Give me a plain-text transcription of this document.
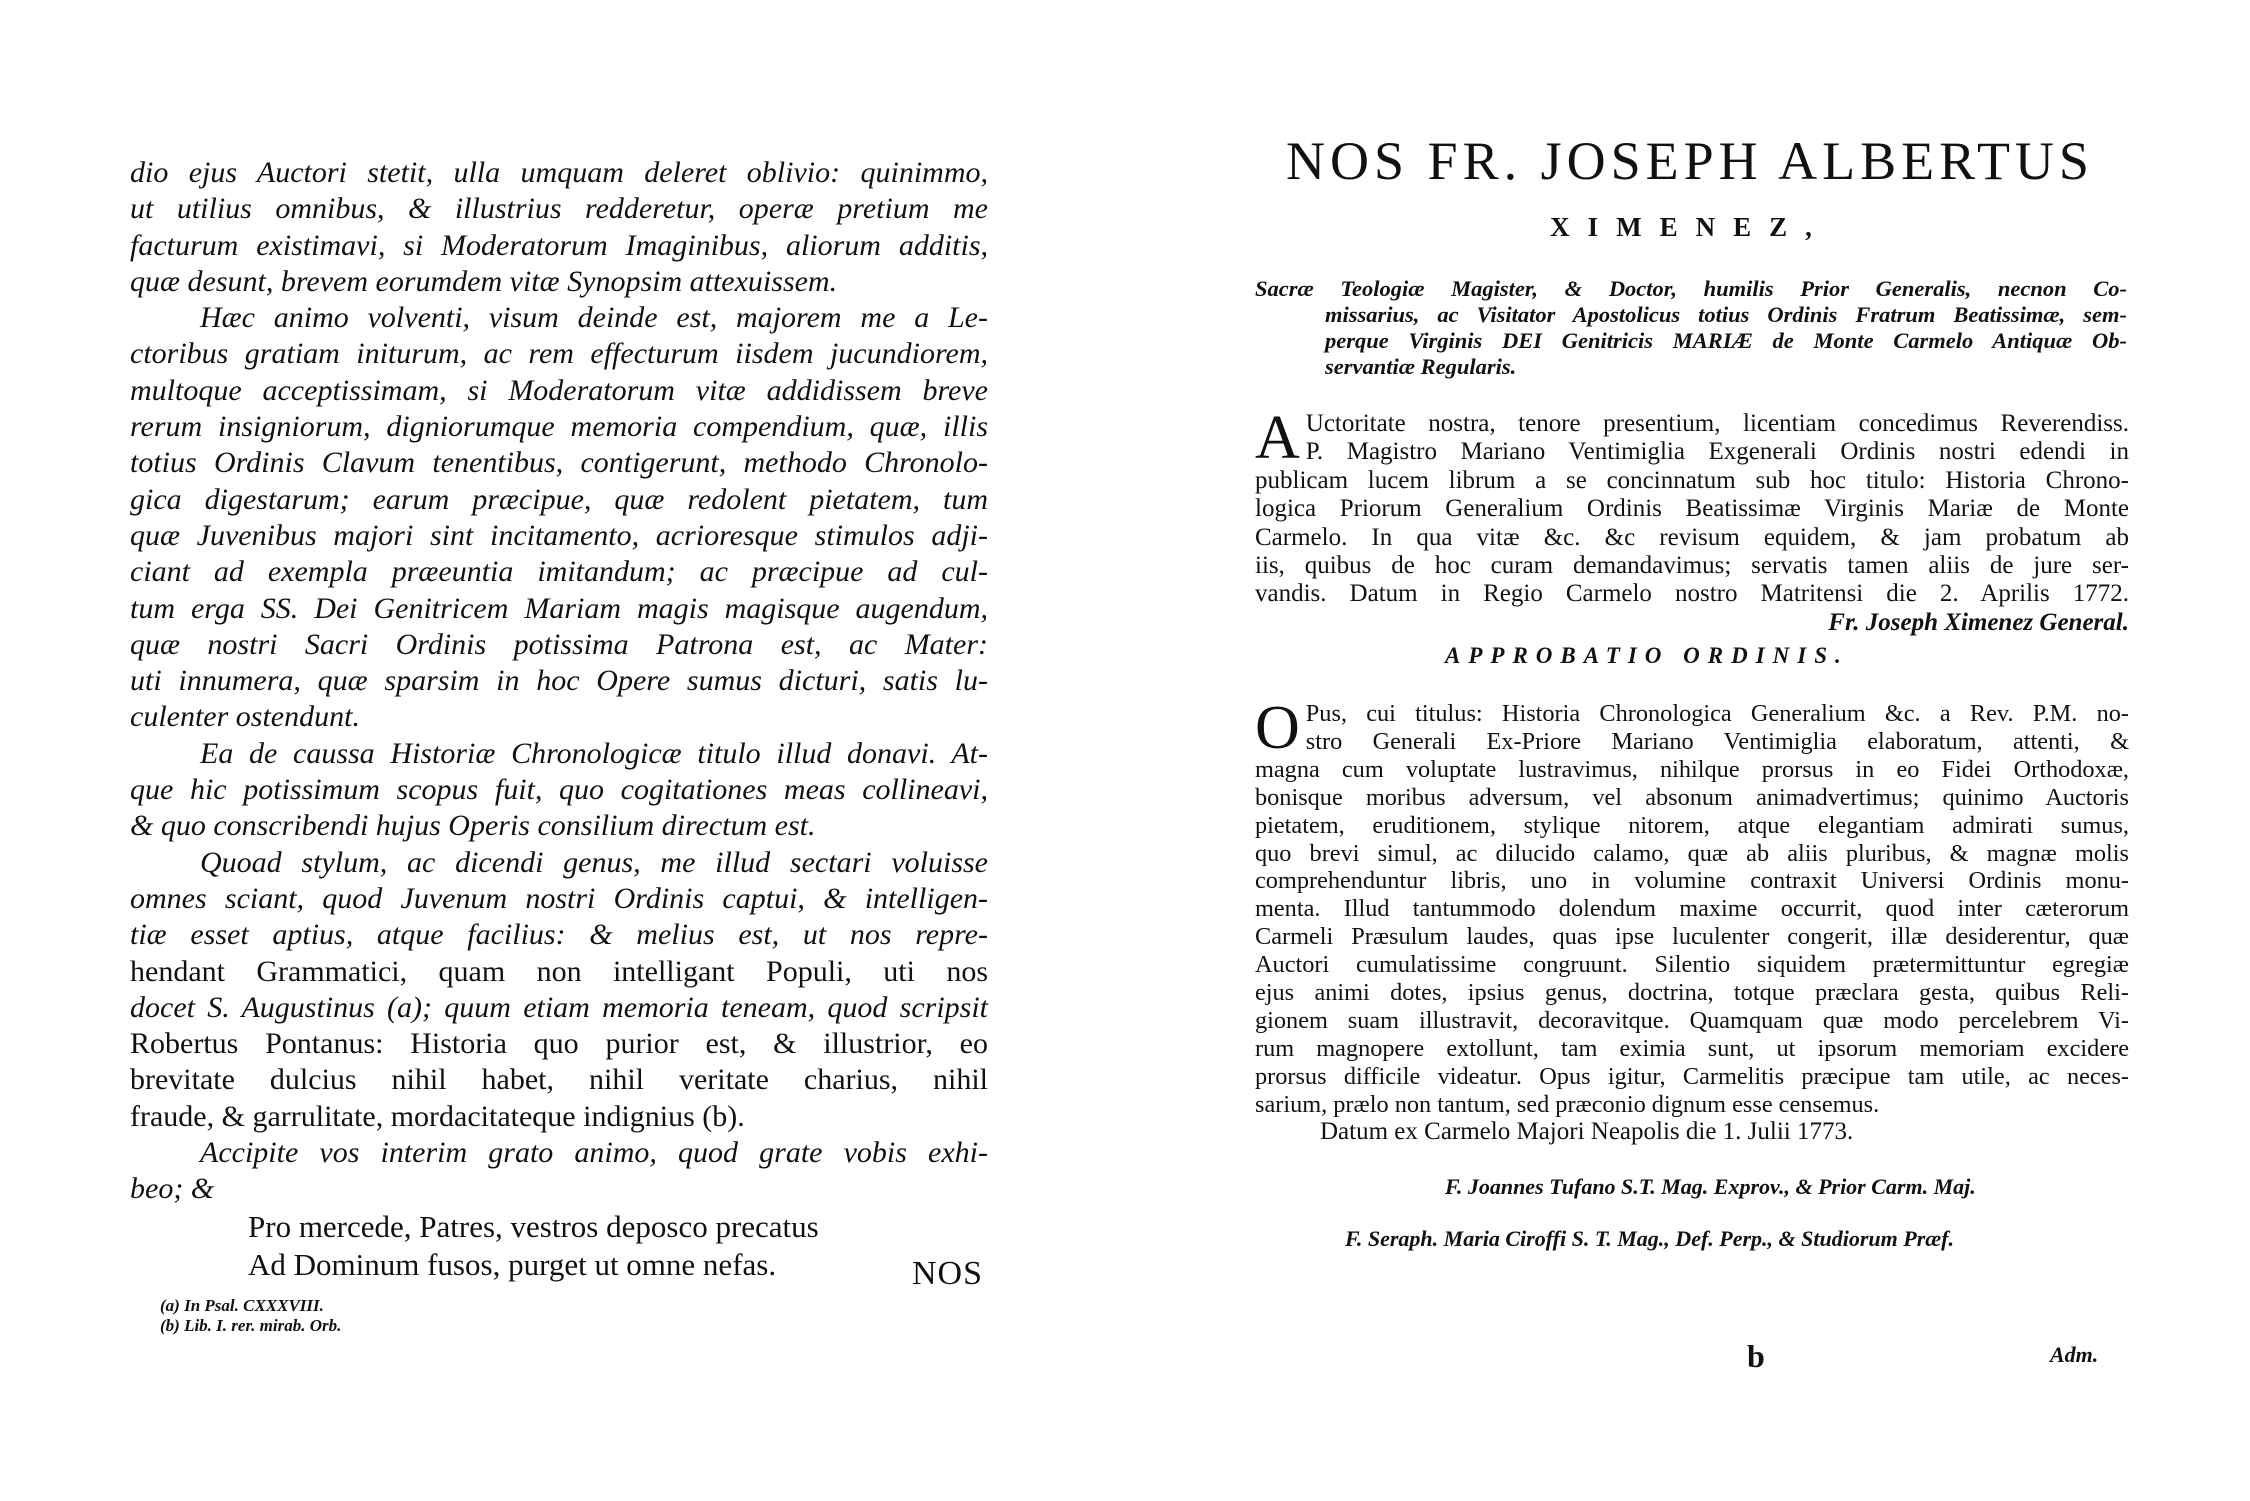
dio ejus Auctori stetit, ulla umquam deleret oblivio: quinimmo,
ut utilius omnibus, & illustrius redderetur, operæ pretium me
facturum existimavi, si Moderatorum Imaginibus, aliorum additis,
quæ desunt, brevem eorumdem vitæ Synopsim attexuissem.
Hæc animo volventi, visum deinde est, majorem me a Le-
ctoribus gratiam initurum, ac rem effecturum iisdem jucundiorem,
multoque acceptissimam, si Moderatorum vitæ addidissem breve
rerum insigniorum, digniorumque memoria compendium, quæ, illis
totius Ordinis Clavum tenentibus, contigerunt, methodo Chronolo-
gica digestarum; earum præcipue, quæ redolent pietatem, tum
quæ Juvenibus majori sint incitamento, acrioresque stimulos adji-
ciant ad exempla præeuntia imitandum; ac præcipue ad cul-
tum erga SS. Dei Genitricem Mariam magis magisque augendum,
quæ nostri Sacri Ordinis potissima Patrona est, ac Mater:
uti innumera, quæ sparsim in hoc Opere sumus dicturi, satis lu-
culenter ostendunt.
Ea de caussa Historiæ Chronologicæ titulo illud donavi. At-
que hic potissimum scopus fuit, quo cogitationes meas collineavi,
& quo conscribendi hujus Operis consilium directum est.
Quoad stylum, ac dicendi genus, me illud sectari voluisse
omnes sciant, quod Juvenum nostri Ordinis captui, & intelligen-
tiæ esset aptius, atque facilius: & melius est, ut nos repre-
hendant Grammatici, quam non intelligant Populi, uti nos
docet S. Augustinus (a); quum etiam memoria teneam, quod scripsit
Robertus Pontanus: Historia quo purior est, & illustrior, eo
brevitate dulcius nihil habet, nihil veritate charius, nihil
fraude, & garrulitate, mordacitateque indignius (b).
Accipite vos interim grato animo, quod grate vobis exhi-
beo; &
Pro mercede, Patres, vestros deposco precatus
Ad Dominum fusos, purget ut omne nefas.	NOS
(a) In Psal. CXXXVIII.
(b) Lib. I. rer. mirab. Orb.
NOS FR. JOSEPH ALBERTUS
XIMENEZ,
Sacræ Teologiæ Magister, & Doctor, humilis Prior Generalis, necnon Co-
missarius, ac Visitator Apostolicus totius Ordinis Fratrum Beatissimæ, sem-
perque Virginis DEI Genitricis MARIÆ de Monte Carmelo Antiquæ Ob-
servantiæ Regularis.
A Uctoritate nostra, tenore presentium, licentiam concedimus Reverendiss.
P. Magistro Mariano Ventimiglia Exgenerali Ordinis nostri edendi in
publicam lucem librum a se concinnatum sub hoc titulo: Historia Chrono-
logica Priorum Generalium Ordinis Beatissimæ Virginis Mariæ de Monte
Carmelo. In qua vitæ &c. &c revisum equidem, & jam probatum ab
iis, quibus de hoc curam demandavimus; servatis tamen aliis de jure ser-
vandis. Datum in Regio Carmelo nostro Matritensi die 2. Aprilis 1772.
Fr. Joseph Ximenez General.
APPROBATIO ORDINIS.
O Pus, cui titulus: Historia Chronologica Generalium &c. a Rev. P.M. no-
stro Generali Ex-Priore Mariano Ventimiglia elaboratum, attenti, &
magna cum voluptate lustravimus, nihilque prorsus in eo Fidei Orthodoxæ,
bonisque moribus adversum, vel absonum animadvertimus; quinimo Auctoris
pietatem, eruditionem, stylique nitorem, atque elegantiam admirati sumus,
quo brevi simul, ac dilucido calamo, quæ ab aliis pluribus, & magnæ molis
comprehenduntur libris, uno in volumine contraxit Universi Ordinis monu-
menta. Illud tantummodo dolendum maxime occurrit, quod inter cæterorum
Carmeli Præsulum laudes, quas ipse luculenter congerit, illæ desiderentur, quæ
Auctori cumulatissime congruunt. Silentio siquidem prætermittuntur egregiæ
ejus animi dotes, ipsius genus, doctrina, totque præclara gesta, quibus Reli-
gionem suam illustravit, decoravitque. Quamquam quæ modo percelebrem Vi-
rum magnopere extollunt, tam eximia sunt, ut ipsorum memoriam excidere
prorsus difficile videatur. Opus igitur, Carmelitis præcipue tam utile, ac neces-
sarium, prælo non tantum, sed præconio dignum esse censemus.
Datum ex Carmelo Majori Neapolis die 1. Julii 1773.
F. Joannes Tufano S.T. Mag. Exprov., & Prior Carm. Maj.
F. Seraph. Maria Ciroffi S. T. Mag., Def. Perp., & Studiorum Præf.
b	Adm.
